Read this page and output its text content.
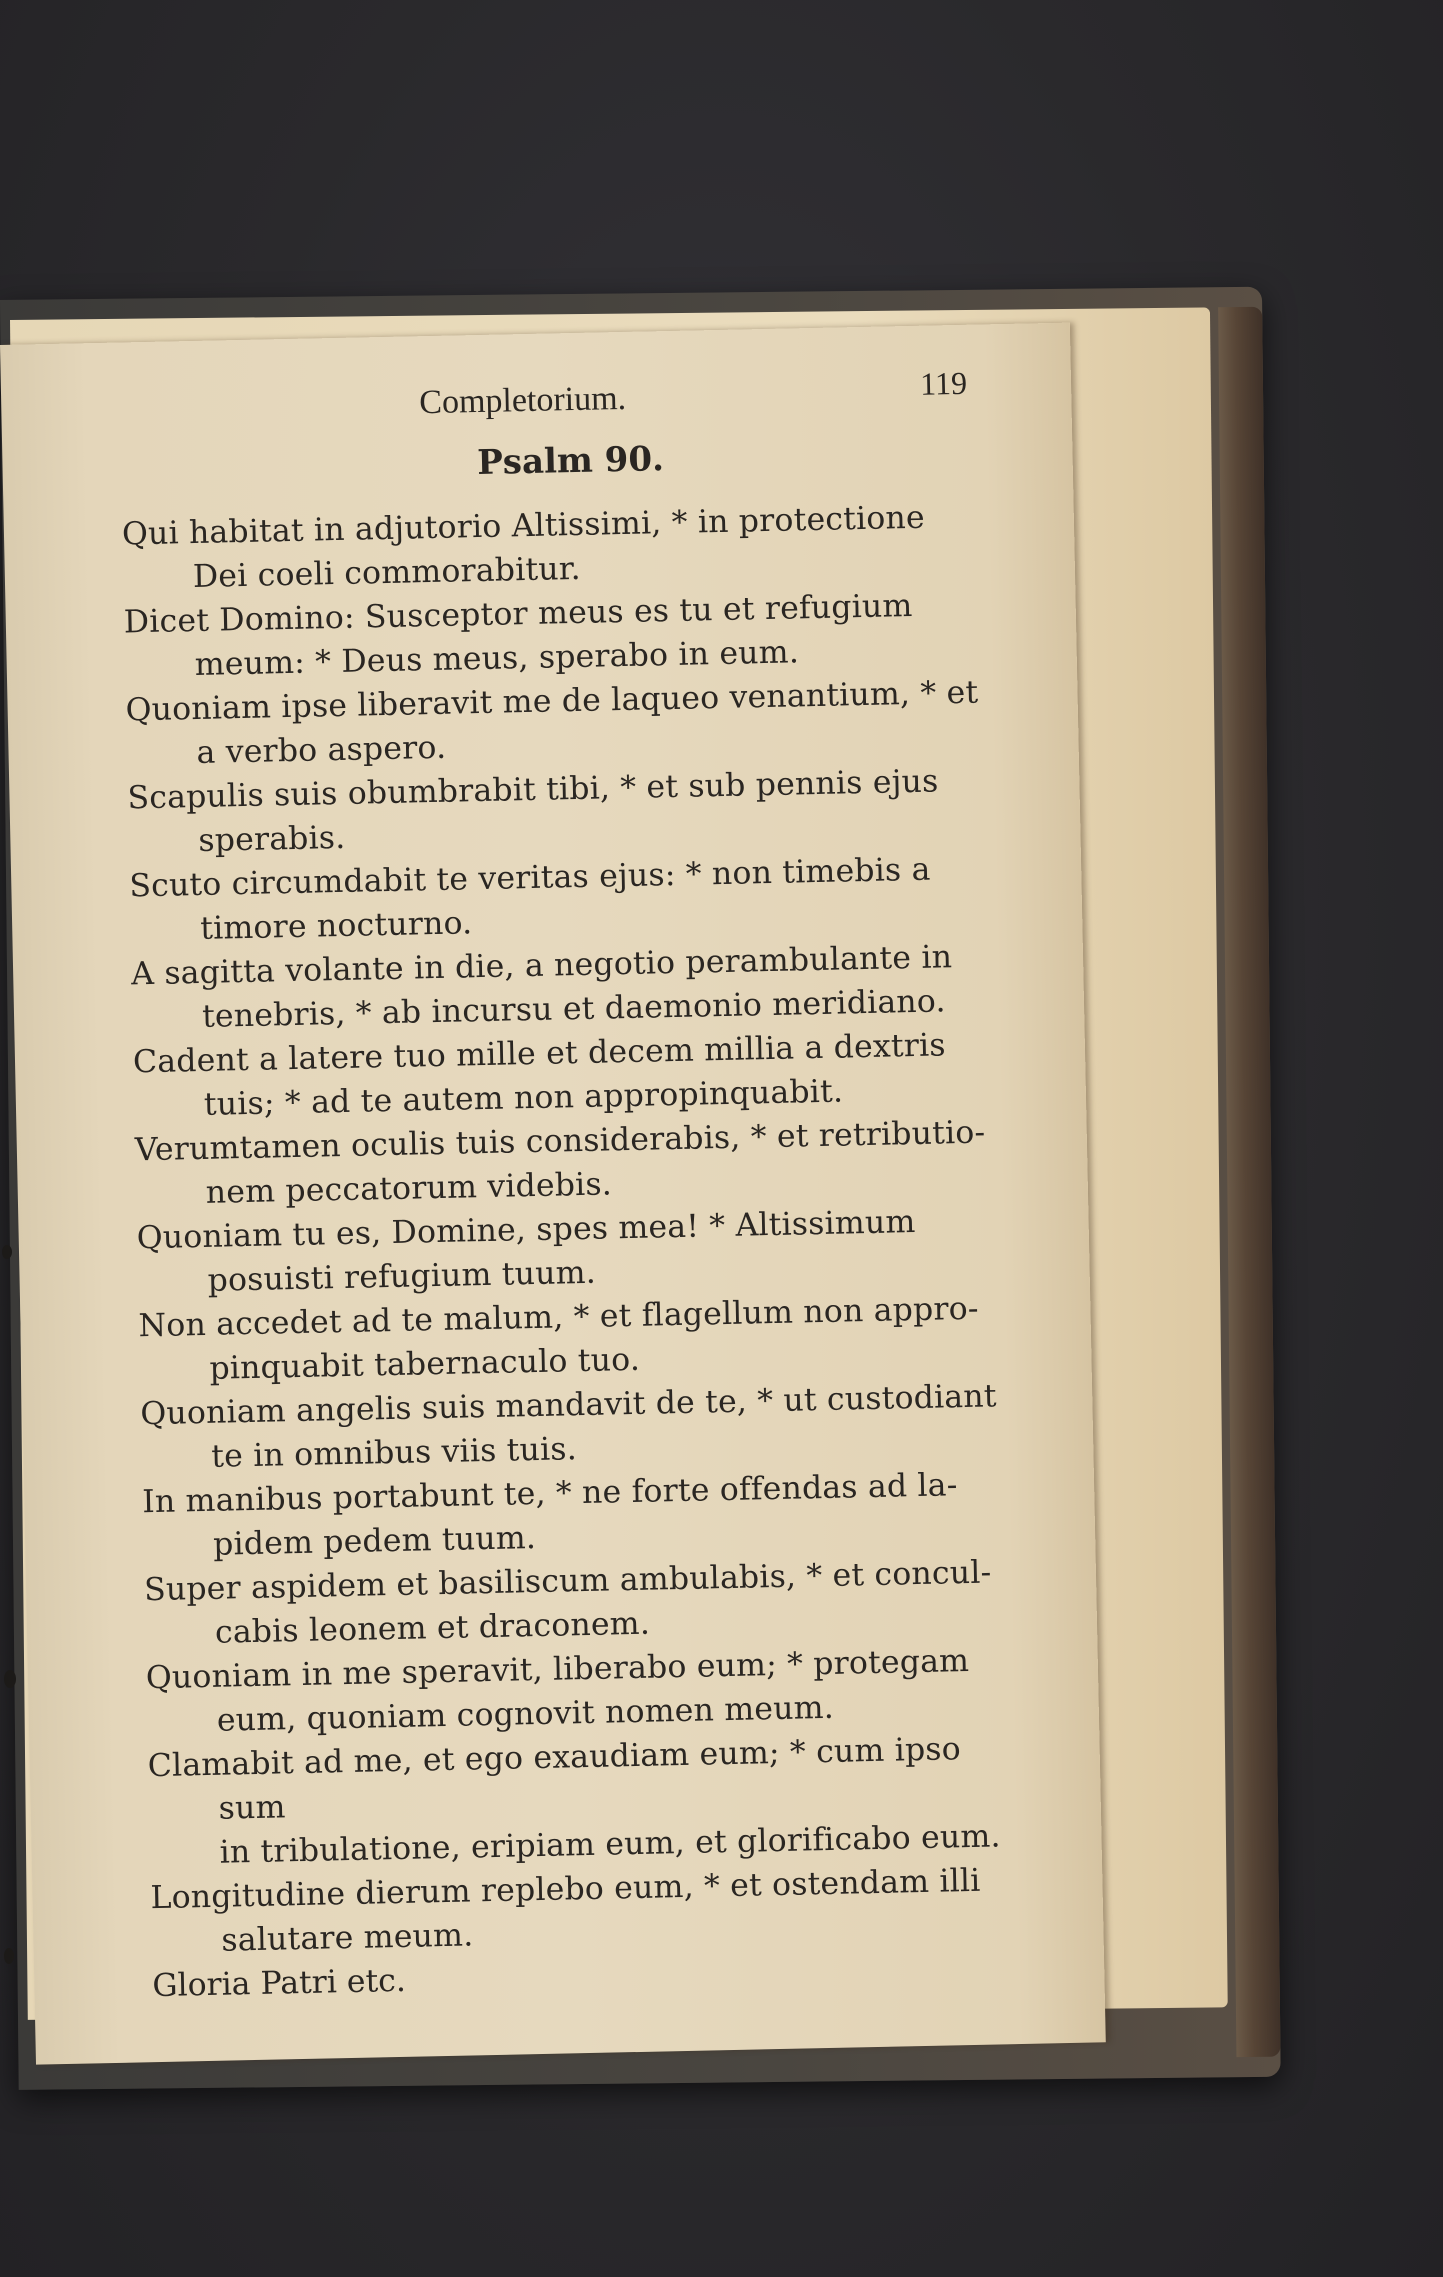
Completorium.	119
Psalm 90.

Qui habitat in adjutorio Altissimi, * in protectione
Dei coeli commorabitur.

Dicet Domino: Susceptor meus es tu et refugium
meum: * Deus meus, sperabo in eum.

Quoniam ipse liberavit me de laqueo venantium, * et
a verbo aspero.

Scapulis suis obumbrabit tibi, * et sub pennis ejus
sperabis.

Scuto circumdabit te veritas ejus: * non timebis a
timore nocturno.

A sagitta volante in die, a negotio perambulante in
tenebris, * ab incursu et daemonio meridiano.

Cadent a latere tuo mille et decem millia a dextris
tuis; * ad te autem non appropinquabit.

Verumtamen oculis tuis considerabis, * et retributio-
nem peccatorum videbis.

Quoniam tu es, Domine, spes mea! * Altissimum
posuisti refugium tuum.

Non accedet ad te malum, * et flagellum non appro-
pinquabit tabernaculo tuo.

Quoniam angelis suis mandavit de te, * ut custodiant
te in omnibus viis tuis.

In manibus portabunt te, * ne forte offendas ad la-
pidem pedem tuum.

Super aspidem et basiliscum ambulabis, * et concul-
cabis leonem et draconem.

Quoniam in me speravit, liberabo eum; * protegam
eum, quoniam cognovit nomen meum.

Clamabit ad me, et ego exaudiam eum; * cum ipso sum
in tribulatione, eripiam eum, et glorificabo eum.

Longitudine dierum replebo eum, * et ostendam illi
salutare meum.

Gloria Patri etc.
